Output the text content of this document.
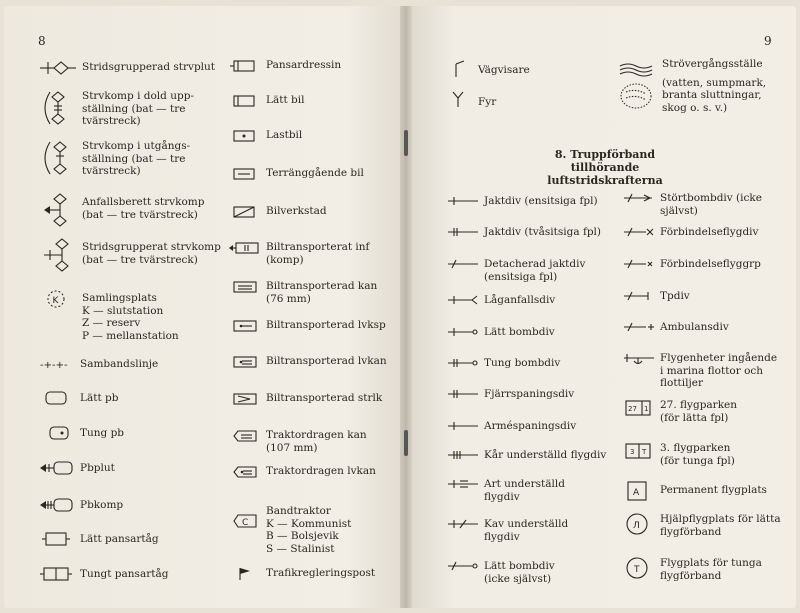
8	9
Stridsgrupperad strvplut
Strvkomp i dold upp-
ställning (bat — tre
tvärstreck)
Strvkomp i utgångs-
ställning (bat — tre
tvärstreck)
Anfallsberett strvkomp
(bat — tre tvärstreck)
Stridsgrupperat strvkomp
(bat — tre tvärstreck)
K Samlingsplats
K — slutstation
Z — reserv
P — mellanstation
-+-+- Sambandslinje
Lätt pb
Tung pb
Pbplut
Pbkomp
Lätt pansartåg
Tungt pansartåg
Pansardressin
Lätt bil
Lastbil
Terränggående bil
Bilverkstad
Biltransporterat inf
(komp)
Biltransporterad kan
(76 mm)
Biltransporterad lvksp
Biltransporterad lvkan
Biltransporterad strlk
Traktordragen kan
(107 mm)
Traktordragen lvkan
C
Bandtraktor
K — Kommunist
B — Bolsjevik
S — Stalinist
Trafikregleringspost
Vägvisare
Fyr
Strövergångsställe
(vatten, sumpmark,
branta sluttningar,
skog o. s. v.)
8. Truppförband tillhörande
luftstridskrafterna
Jaktdiv (ensitsiga fpl)
Jaktdiv (tvåsitsiga fpl)
Detacherad jaktdiv
(ensitsiga fpl)
Låganfallsdiv
Lätt bombdiv
Tung bombdiv
Fjärrspaningsdiv
Arméspaningsdiv
Kår underställd flygdiv
Art underställd
flygdiv
Kav underställd
flygdiv
Lätt bombdiv
(icke självst)
Störtbombdiv (icke
självst)
Förbindelseflygdiv
Förbindelseflyggrp
Tpdiv
Ambulansdiv
Flygenheter ingående
i marina flottor och
flottiljer
27 1 27. flygparken
(för lätta fpl)
3 T 3. flygparken
(för tunga fpl)
A Permanent flygplats
Л
Hjälpflygplats för lätta
flygförband
T
Flygplats för tunga
flygförband
